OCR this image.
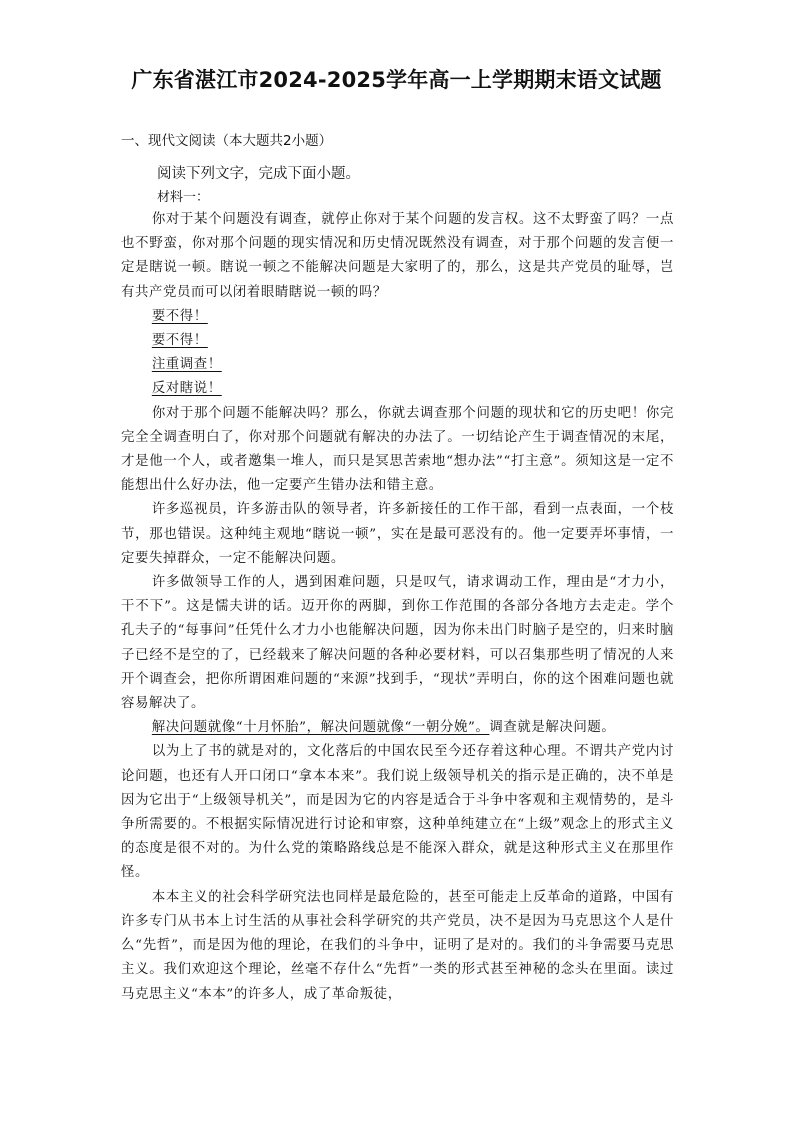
广东省湛江市2024-2025学年高一上学期期末语文试题
一、现代文阅读（本大题共2小题）
阅读下列文字，完成下面小题。
材料一：

你对于某个问题没有调查，就停止你对于某个问题的发言权。这不太野蛮了吗？一点也不野蛮，你对那个问题的现实情况和历史情况既然没有调查，对于那个问题的发言便一定是瞎说一顿。瞎说一顿之不能解决问题是大家明了的，那么，这是共产党员的耻辱，岂有共产党员而可以闭着眼睛瞎说一顿的吗？

要不得！

要不得！

注重调查！

反对瞎说！

你对于那个问题不能解决吗？那么，你就去调查那个问题的现状和它的历史吧！你完完全全调查明白了，你对那个问题就有解决的办法了。一切结论产生于调查情况的末尾，才是他一个人，或者邀集一堆人，而只是冥思苦索地“想办法”“打主意”。须知这是一定不能想出什么好办法，他一定要产生错办法和错主意。

许多巡视员，许多游击队的领导者，许多新接任的工作干部，看到一点表面，一个枝节，那也错误。这种纯主观地“瞎说一顿”，实在是最可恶没有的。他一定要弄坏事情，一定要失掉群众，一定不能解决问题。

许多做领导工作的人，遇到困难问题，只是叹气，请求调动工作，理由是“才力小，干不下”。这是懦夫讲的话。迈开你的两脚，到你工作范围的各部分各地方去走走。学个孔夫子的“每事问”任凭什么才力小也能解决问题，因为你未出门时脑子是空的，归来时脑子已经不是空的了，已经载来了解决问题的各种必要材料，可以召集那些明了情况的人来开个调查会，把你所谓困难问题的“来源”找到手，“现状”弄明白，你的这个困难问题也就容易解决了。

解决问题就像“十月怀胎”，解决问题就像“一朝分娩”。调查就是解决问题。

以为上了书的就是对的，文化落后的中国农民至今还存着这种心理。不谓共产党内讨论问题，也还有人开口闭口“拿本本来”。我们说上级领导机关的指示是正确的，决不单是因为它出于“上级领导机关”，而是因为它的内容是适合于斗争中客观和主观情势的，是斗争所需要的。不根据实际情况进行讨论和审察，这种单纯建立在“上级”观念上的形式主义的态度是很不对的。为什么党的策略路线总是不能深入群众，就是这种形式主义在那里作怪。

本本主义的社会科学研究法也同样是最危险的，甚至可能走上反革命的道路，中国有许多专门从书本上讨生活的从事社会科学研究的共产党员，决不是因为马克思这个人是什么“先哲”，而是因为他的理论，在我们的斗争中，证明了是对的。我们的斗争需要马克思主义。我们欢迎这个理论，丝毫不存什么“先哲”一类的形式甚至神秘的念头在里面。读过马克思主义“本本”的许多人，成了革命叛徒，
